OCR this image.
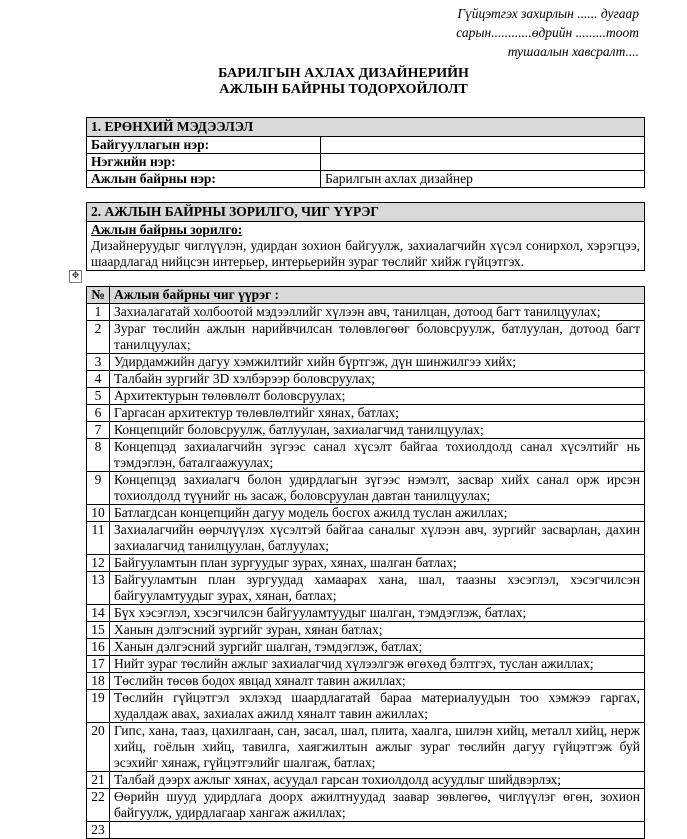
Гүйцэтгэх захирлын ...... дугаар
сарын............өдрийн .........тоот
тушаалын хавсралт....
БАРИЛГЫН АХЛАХ ДИЗАЙНЕРИЙН
АЖЛЫН БАЙРНЫ ТОДОРХОЙЛОЛТ
1. ЕРӨНХИЙ МЭДЭЭЛЭЛ	
Байгууллагын нэр:	
Нэгжийн нэр:	
Ажлын байрны нэр:	Барилгын ахлах дизайнер
2. АЖЛЫН БАЙРНЫ ЗОРИЛГО, ЧИГ ҮҮРЭГ

Ажлын байрны зорилго:
Дизайнеруудыг чиглүүлэн, удирдан зохион байгуулж, захиалагчийн хүсэл сонирхол, хэрэгцээ, шаардлагад нийцсэн интерьер, интерьерийн зураг төслийг хийж гүйцэтгэх.
✥
№	Ажлын байрны чиг үүрэг :
1	Захиалагатай холбоотой мэдээллийг хүлээн авч, танилцан, дотоод багт танилцуулах;
2	Зураг төслийн ажлын нарийвчилсан төлөвлөгөөг боловсруулж, батлуулан, дотоод багт танилцуулах;
3	Удирдамжийн дагуу хэмжилтийг хийн бүртгэж, дүн шинжилгээ хийх;
4	Талбайн зургийг 3D хэлбэрээр боловсруулах;
5	Архитектурын төлөвлөлт боловсруулах;
6	Гаргасан архитектур төлөвлөлтийг хянах, батлах;
7	Концепцийг боловсруулж, батлуулан, захиалагчид танилцуулах;
8	Концепцэд захиалагчийн зүгээс санал хүсэлт байгаа тохиолдолд санал хүсэлтийг нь тэмдэглэн, баталгаажуулах;
9	Концепцэд захиалагч болон удирдлагын зүгээс нэмэлт, засвар хийх санал орж ирсэн тохиолдолд түүнийг нь засаж, боловсруулан давтан танилцуулах;
10	Батлагдсан концепцийн дагуу модель босгох ажилд туслан ажиллах;
11	Захиалагчийн өөрчлүүлэх хүсэлтэй байгаа саналыг хүлээн авч, зургийг засварлан, дахин захиалагчид танилцуулан, батлуулах;
12	Байгууламтын план зургуудыг зурах, хянах, шалган батлах;
13	Байгууламтын план зургуудад хамаарах хана, шал, таазны хэсэглэл, хэсэгчилсэн байгууламтуудыг зурах, хянан, батлах;
14	Бүх хэсэглэл, хэсэгчилсэн байгууламтуудыг шалган, тэмдэглэж, батлах;
15	Ханын дэлгэсний зургийг зуран, хянан батлах;
16	Ханын дэлгэсний зургийг шалган, тэмдэглэж, батлах;
17	Нийт зураг төслийн ажлыг захиалагчид хүлээлгэж өгөхөд бэлтгэх, туслан ажиллах;
18	Төслийн төсөв бодох явцад хяналт тавин ажиллах;
19	Төслийн гүйцэтгэл эхлэхэд шаардлагатай бараа материалуудын тоо хэмжээ гаргах, худалдаж авах, захиалах ажилд хяналт тавин ажиллах;
20	Гипс, хана, тааз, цахилгаан, сан, засал, шал, плита, хаалга, шилэн хийц, металл хийц, нерж хийц, гоёлын хийц, тавилга, хаягжилтын ажлыг зураг төслийн дагуу гүйцэтгэж буй эсэхийг хянаж, гүйцэтгэлийг шалгаж, батлах;
21	Талбай дээрх ажлыг хянах, асуудал гарсан тохиолдолд асуудлыг шийдвэрлэх;
22	Өөрийн шууд удирдлага доорх ажилтнуудад заавар зөвлөгөө, чиглүүлэг өгөн, зохион байгуулж, удирдлагаар хангаж ажиллах;
23	
